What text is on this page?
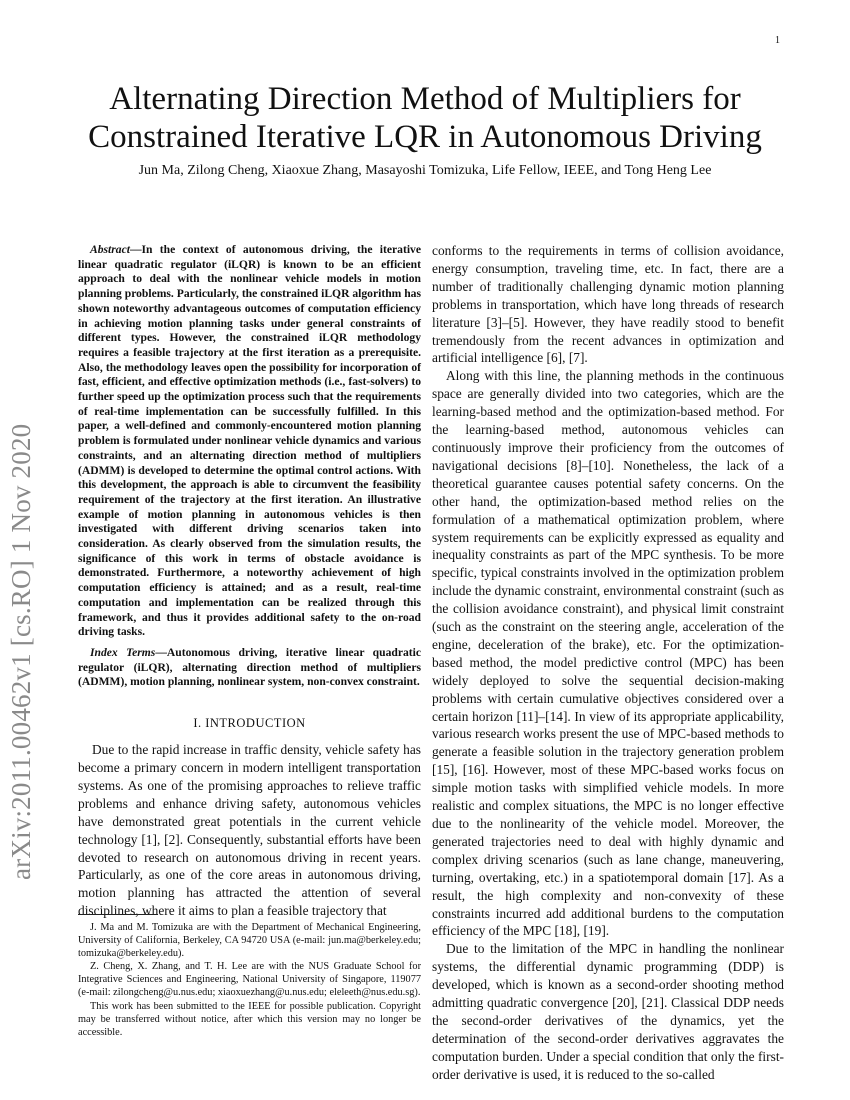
1
arXiv:2011.00462v1 [cs.RO] 1 Nov 2020
Alternating Direction Method of Multipliers for
Constrained Iterative LQR in Autonomous Driving
Jun Ma, Zilong Cheng, Xiaoxue Zhang, Masayoshi Tomizuka, Life Fellow, IEEE, and Tong Heng Lee

Abstract—In the context of autonomous driving, the iterative linear quadratic regulator (iLQR) is known to be an efficient approach to deal with the nonlinear vehicle models in motion planning problems. Particularly, the constrained iLQR algorithm has shown noteworthy advantageous outcomes of computation efficiency in achieving motion planning tasks under general constraints of different types. However, the constrained iLQR methodology requires a feasible trajectory at the first iteration as a prerequisite. Also, the methodology leaves open the possibility for incorporation of fast, efficient, and effective optimization methods (i.e., fast-solvers) to further speed up the optimization process such that the requirements of real-time implementation can be successfully fulfilled. In this paper, a well-defined and commonly-encountered motion planning problem is formulated under nonlinear vehicle dynamics and various constraints, and an alternating direction method of multipliers (ADMM) is developed to determine the optimal control actions. With this development, the approach is able to circumvent the feasibility requirement of the trajectory at the first iteration. An illustrative example of motion planning in autonomous vehicles is then investigated with different driving scenarios taken into consideration. As clearly observed from the simulation results, the significance of this work in terms of obstacle avoidance is demonstrated. Furthermore, a noteworthy achievement of high computation efficiency is attained; and as a result, real-time computation and implementation can be realized through this framework, and thus it provides additional safety to the on-road driving tasks.

Index Terms—Autonomous driving, iterative linear quadratic regulator (iLQR), alternating direction method of multipliers (ADMM), motion planning, nonlinear system, non-convex constraint.

I. INTRODUCTION

Due to the rapid increase in traffic density, vehicle safety has become a primary concern in modern intelligent transportation systems. As one of the promising approaches to relieve traffic problems and enhance driving safety, autonomous vehicles have demonstrated great potentials in the current vehicle technology [1], [2]. Consequently, substantial efforts have been devoted to research on autonomous driving in recent years. Particularly, as one of the core areas in autonomous driving, motion planning has attracted the attention of several disciplines, where it aims to plan a feasible trajectory that

J. Ma and M. Tomizuka are with the Department of Mechanical Engineering, University of California, Berkeley, CA 94720 USA (e-mail: jun.ma@berkeley.edu; tomizuka@berkeley.edu).

Z. Cheng, X. Zhang, and T. H. Lee are with the NUS Graduate School for Integrative Sciences and Engineering, National University of Singapore, 119077 (e-mail: zilongcheng@u.nus.edu; xiaoxuezhang@u.nus.edu; eleleeth@nus.edu.sg).

This work has been submitted to the IEEE for possible publication. Copyright may be transferred without notice, after which this version may no longer be accessible.

conforms to the requirements in terms of collision avoidance, energy consumption, traveling time, etc. In fact, there are a number of traditionally challenging dynamic motion planning problems in transportation, which have long threads of research literature [3]–[5]. However, they have readily stood to benefit tremendously from the recent advances in optimization and artificial intelligence [6], [7].

Along with this line, the planning methods in the continuous space are generally divided into two categories, which are the learning-based method and the optimization-based method. For the learning-based method, autonomous vehicles can continuously improve their proficiency from the outcomes of navigational decisions [8]–[10]. Nonetheless, the lack of a theoretical guarantee causes potential safety concerns. On the other hand, the optimization-based method relies on the formulation of a mathematical optimization problem, where system requirements can be explicitly expressed as equality and inequality constraints as part of the MPC synthesis. To be more specific, typical constraints involved in the optimization problem include the dynamic constraint, environmental constraint (such as the collision avoidance constraint), and physical limit constraint (such as the constraint on the steering angle, acceleration of the engine, deceleration of the brake), etc. For the optimization-based method, the model predictive control (MPC) has been widely deployed to solve the sequential decision-making problems with certain cumulative objectives considered over a certain horizon [11]–[14]. In view of its appropriate applicability, various research works present the use of MPC-based methods to generate a feasible solution in the trajectory generation problem [15], [16]. However, most of these MPC-based works focus on simple motion tasks with simplified vehicle models. In more realistic and complex situations, the MPC is no longer effective due to the nonlinearity of the vehicle model. Moreover, the generated trajectories need to deal with highly dynamic and complex driving scenarios (such as lane change, maneuvering, turning, overtaking, etc.) in a spatiotemporal domain [17]. As a result, the high complexity and non-convexity of these constraints incurred add additional burdens to the computation efficiency of the MPC [18], [19].

Due to the limitation of the MPC in handling the nonlinear systems, the differential dynamic programming (DDP) is developed, which is known as a second-order shooting method admitting quadratic convergence [20], [21]. Classical DDP needs the second-order derivatives of the dynamics, yet the determination of the second-order derivatives aggravates the computation burden. Under a special condition that only the first-order derivative is used, it is reduced to the so-called
